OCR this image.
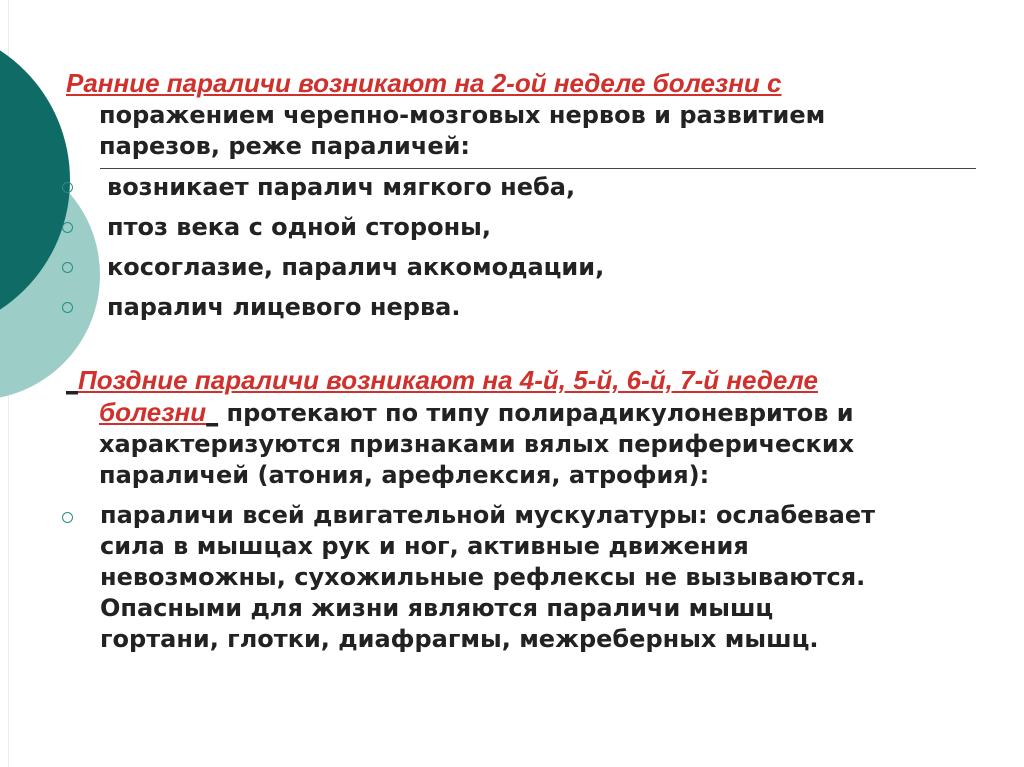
Ранние параличи возникают на 2-ой неделе болезни с
поражением черепно-мозговых нервов и развитием
парезов, реже параличей:
возникает паралич мягкого неба,
птоз века с одной стороны,
косоглазие, паралич аккомодации,
паралич лицевого нерва.
_Поздние параличи возникают на 4-й, 5-й, 6-й, 7-й неделе
болезни_ протекают по типу полирадикулоневритов и
характеризуются признаками вялых периферических
параличей (атония, арефлексия, атрофия):
параличи всей двигательной мускулатуры: ослабевает
сила в мышцах рук и ног, активные движения
невозможны, сухожильные рефлексы не вызываются.
Опасными для жизни являются параличи мышц
гортани, глотки, диафрагмы, межреберных мышц.
